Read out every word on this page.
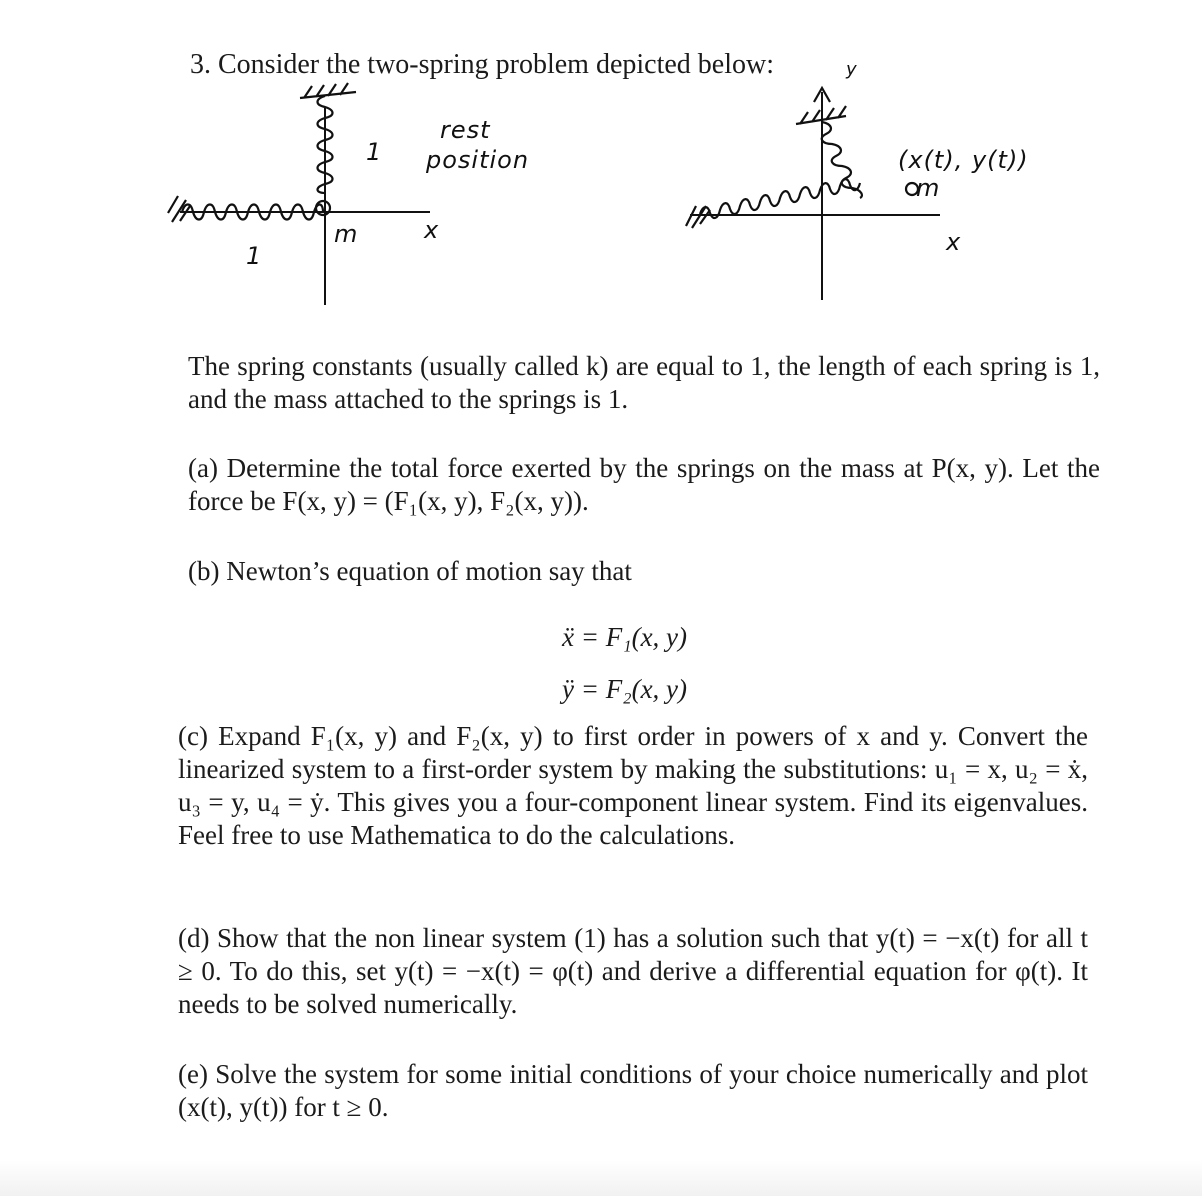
3. Consider the two-spring problem depicted below:
m	x
1
1
rest
position
y
x
(x(t), y(t))
m
The spring constants (usually called k) are equal to 1, the length of each spring is 1, and the mass attached to the springs is 1.
(a) Determine the total force exerted by the springs on the mass at P(x, y). Let the force be F(x, y) = (F₁(x, y), F₂(x, y)).
(b) Newton’s equation of motion say that
ẍ = F₁(x, y)
ÿ = F₂(x, y)
(c) Expand F₁(x, y) and F₂(x, y) to first order in powers of x and y. Convert the linearized system to a first-order system by making the substitutions: u₁ = x, u₂ = ẋ, u₃ = y, u₄ = ẏ. This gives you a four-component linear system. Find its eigenvalues. Feel free to use Mathematica to do the calculations.
(d) Show that the non linear system (1) has a solution such that y(t) = −x(t) for all t ≥ 0. To do this, set y(t) = −x(t) = φ(t) and derive a differential equation for φ(t). It needs to be solved numerically.
(e) Solve the system for some initial conditions of your choice numerically and plot (x(t), y(t)) for t ≥ 0.
